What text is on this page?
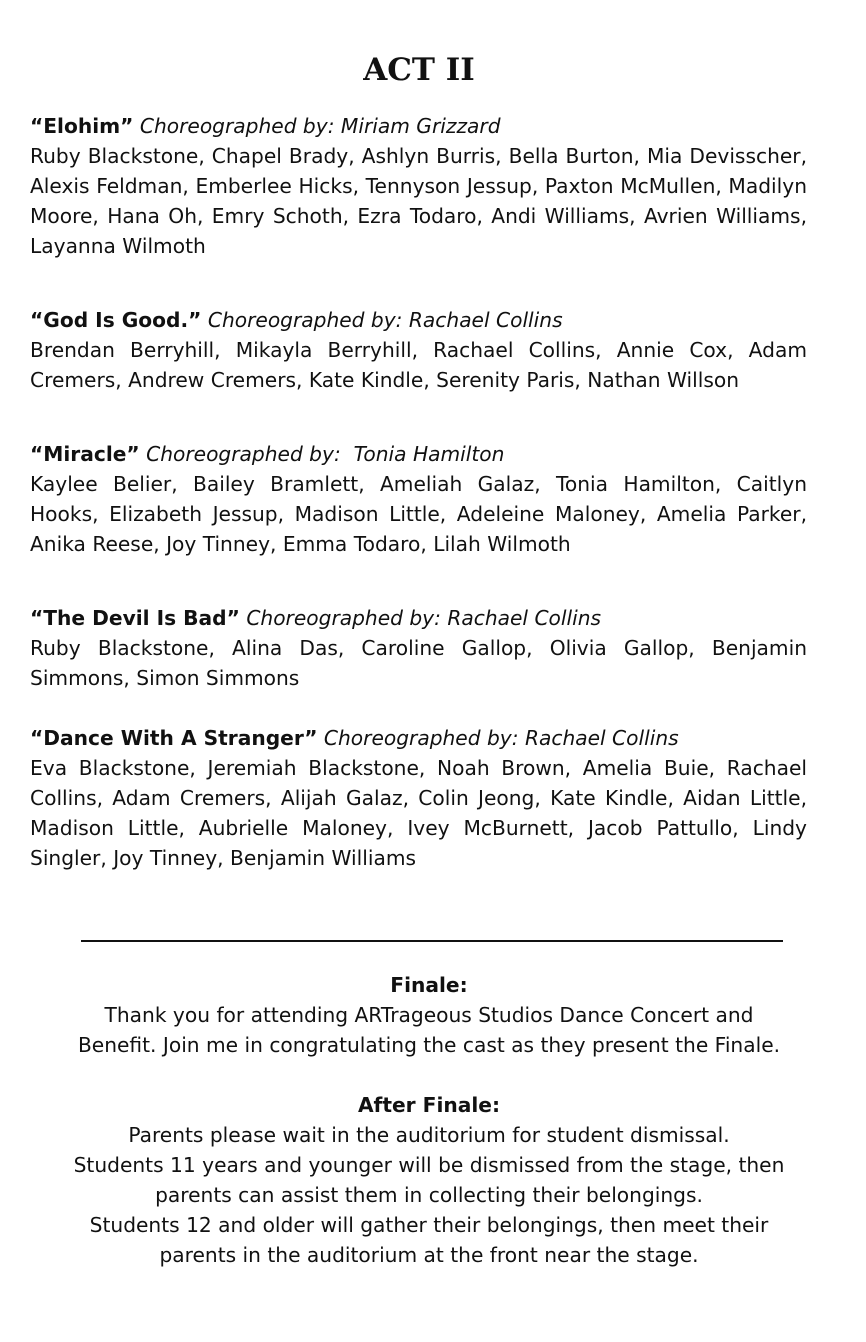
ACT II
“Elohim” Choreographed by: Miriam Grizzard
Ruby Blackstone, Chapel Brady, Ashlyn Burris, Bella Burton, Mia Devisscher, Alexis Feldman, Emberlee Hicks, Tennyson Jessup, Paxton McMullen, Madilyn Moore, Hana Oh, Emry Schoth, Ezra Todaro, Andi Williams, Avrien Williams, Layanna Wilmoth
“God Is Good.” Choreographed by: Rachael Collins
Brendan Berryhill, Mikayla Berryhill, Rachael Collins, Annie Cox, Adam Cremers, Andrew Cremers, Kate Kindle, Serenity Paris, Nathan Willson
“Miracle” Choreographed by:  Tonia Hamilton
Kaylee Belier, Bailey Bramlett, Ameliah Galaz, Tonia Hamilton, Caitlyn Hooks, Elizabeth Jessup, Madison Little, Adeleine Maloney, Amelia Parker, Anika Reese, Joy Tinney, Emma Todaro, Lilah Wilmoth
“The Devil Is Bad” Choreographed by: Rachael Collins
Ruby Blackstone, Alina Das, Caroline Gallop, Olivia Gallop, Benjamin Simmons, Simon Simmons
“Dance With A Stranger” Choreographed by: Rachael Collins
Eva Blackstone, Jeremiah Blackstone, Noah Brown, Amelia Buie, Rachael Collins, Adam Cremers, Alijah Galaz, Colin Jeong, Kate Kindle, Aidan Little, Madison Little, Aubrielle Maloney, Ivey McBurnett, Jacob Pattullo, Lindy Singler, Joy Tinney, Benjamin Williams

Finale:

Thank you for attending ARTrageous Studios Dance Concert and

Benefit. Join me in congratulating the cast as they present the Finale.

After Finale:

Parents please wait in the auditorium for student dismissal.

Students 11 years and younger will be dismissed from the stage, then

parents can assist them in collecting their belongings.

Students 12 and older will gather their belongings, then meet their

parents in the auditorium at the front near the stage.
